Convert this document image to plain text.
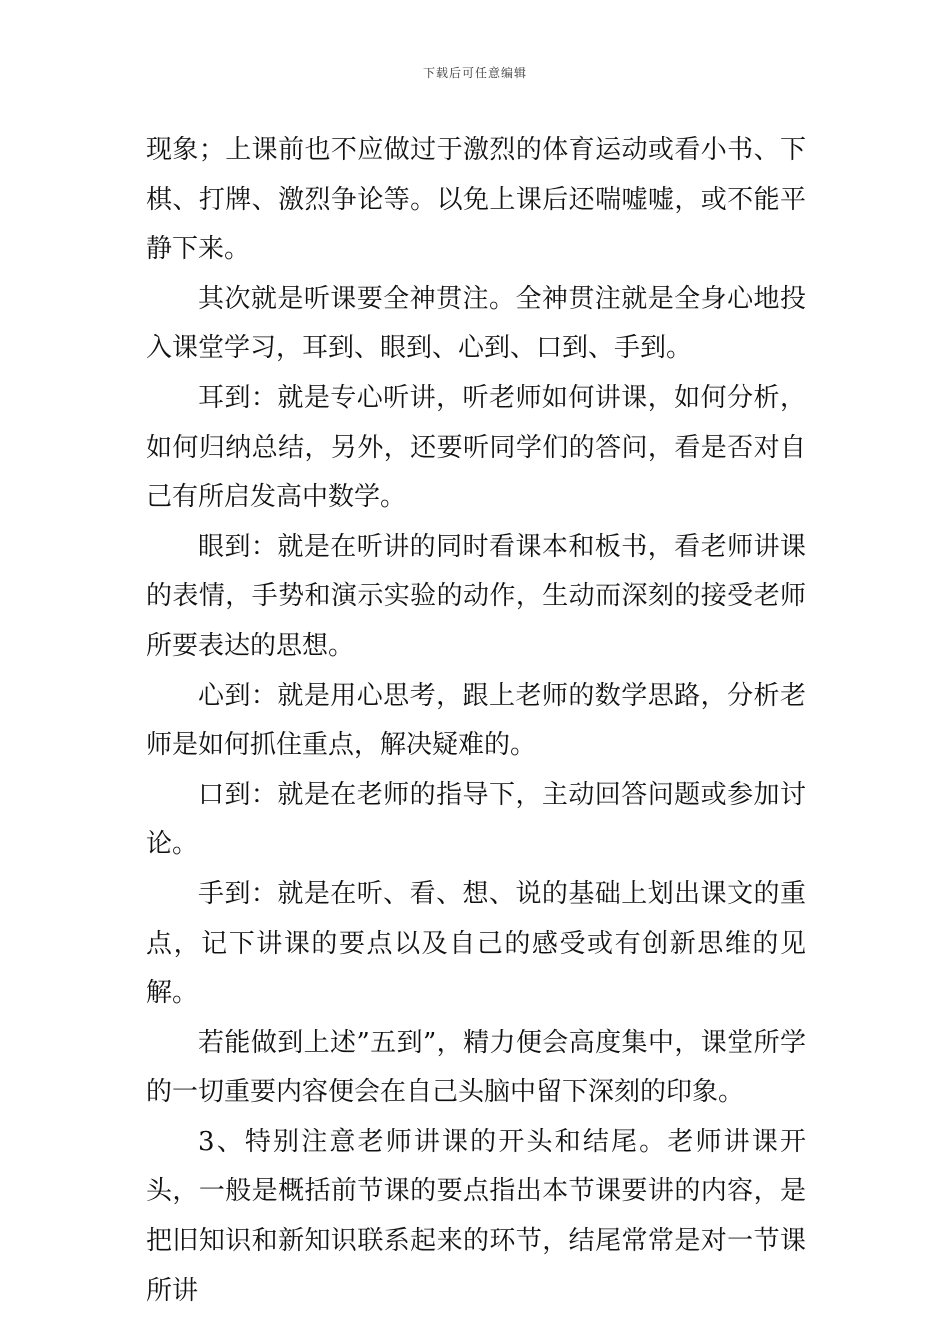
下载后可任意编辑

现象；上课前也不应做过于激烈的体育运动或看小书、下棋、打牌、激烈争论等。以免上课后还喘嘘嘘，或不能平静下来。

其次就是听课要全神贯注。全神贯注就是全身心地投入课堂学习，耳到、眼到、心到、口到、手到。

耳到：就是专心听讲，听老师如何讲课，如何分析，如何归纳总结，另外，还要听同学们的答问，看是否对自己有所启发高中数学。

眼到：就是在听讲的同时看课本和板书，看老师讲课的表情，手势和演示实验的动作，生动而深刻的接受老师所要表达的思想。

心到：就是用心思考，跟上老师的数学思路，分析老师是如何抓住重点，解决疑难的。

口到：就是在老师的指导下，主动回答问题或参加讨论。

手到：就是在听、看、想、说的基础上划出课文的重点，记下讲课的要点以及自己的感受或有创新思维的见解。

若能做到上述”五到”，精力便会高度集中，课堂所学的一切重要内容便会在自己头脑中留下深刻的印象。

3、特别注意老师讲课的开头和结尾。老师讲课开头，一般是概括前节课的要点指出本节课要讲的内容，是把旧知识和新知识联系起来的环节，结尾常常是对一节课所讲
